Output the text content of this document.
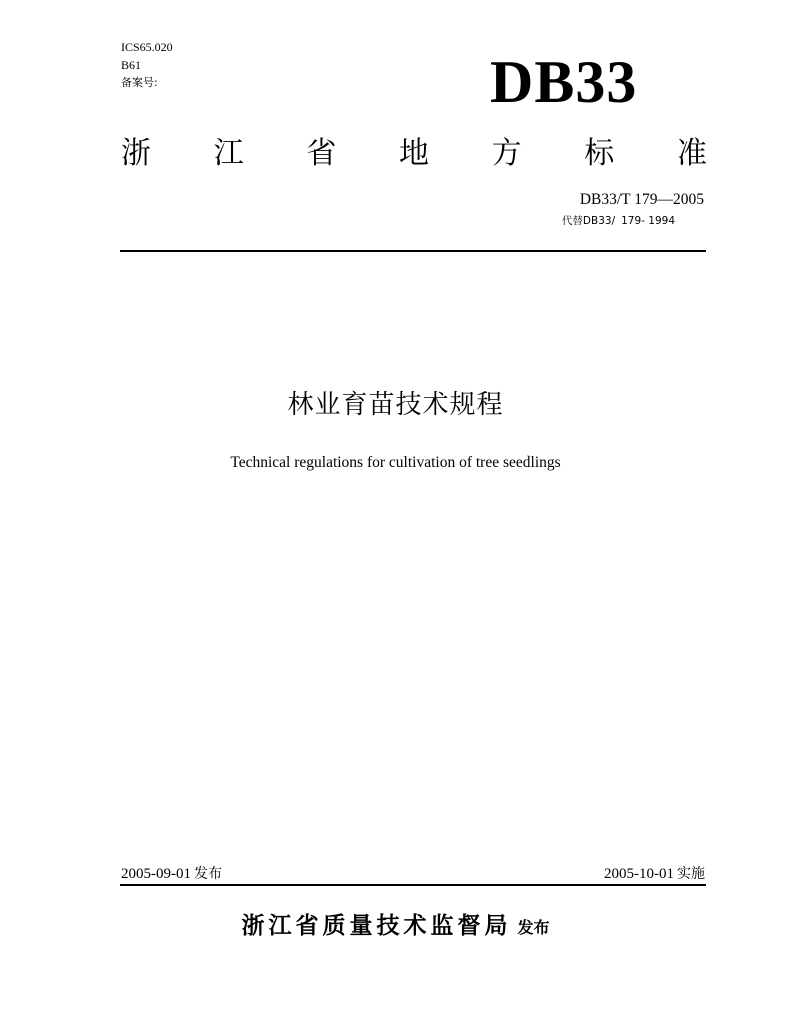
ICS65.020
B61
备案号:	DB33
浙 江 省 地 方 标 准
DB33/T 179—2005
代替DB33/ 179- 1994
林业育苗技术规程
Technical regulations for cultivation of tree seedlings
2005-09-01 发布	2005-10-01 实施
浙江省质量技术监督局 发布
